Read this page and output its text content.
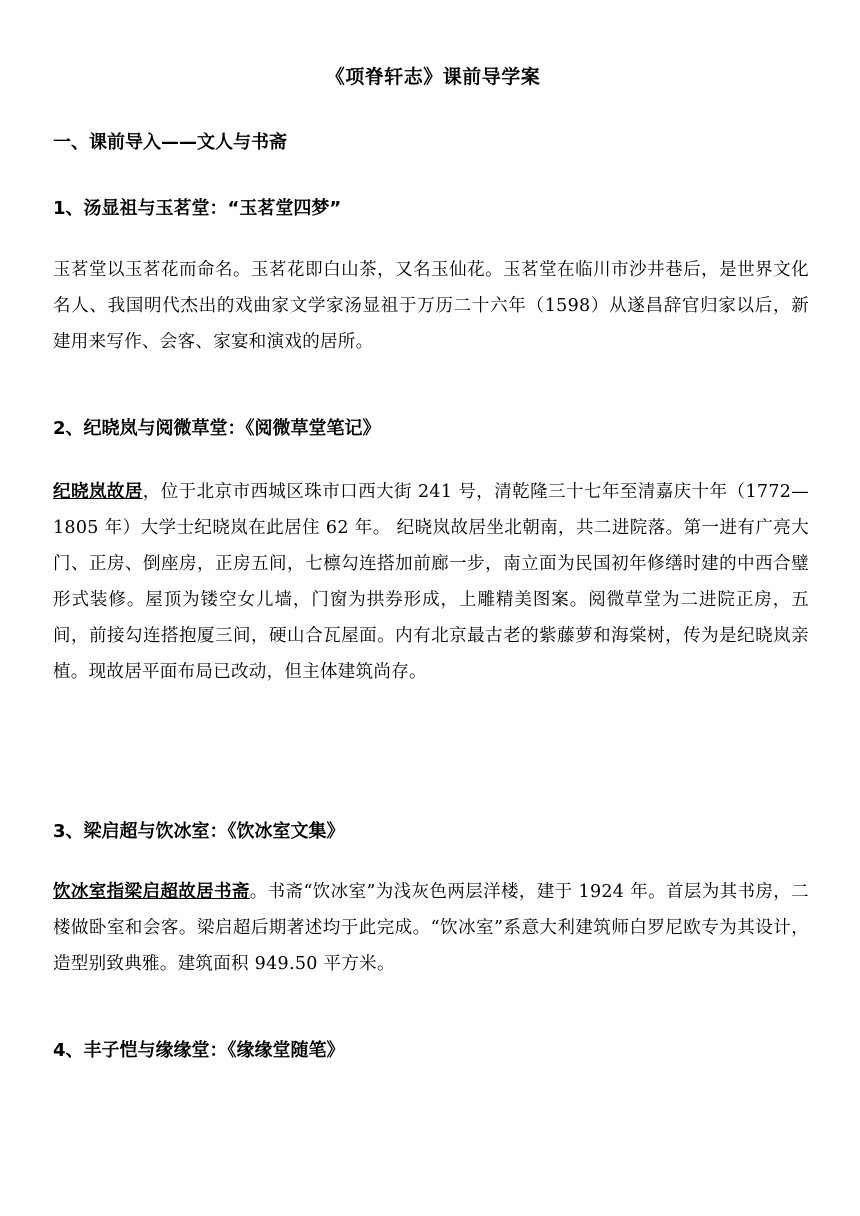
《项脊轩志》课前导学案
一、课前导入——文人与书斋
1、汤显祖与玉茗堂：“玉茗堂四梦”
玉茗堂以玉茗花而命名。玉茗花即白山茶，又名玉仙花。玉茗堂在临川市沙井巷后，是世界文化名人、我国明代杰出的戏曲家文学家汤显祖于万历二十六年（1598）从遂昌辞官归家以后，新建用来写作、会客、家宴和演戏的居所。
2、纪晓岚与阅微草堂：《阅微草堂笔记》
纪晓岚故居，位于北京市西城区珠市口西大街 241 号，清乾隆三十七年至清嘉庆十年（1772—1805 年）大学士纪晓岚在此居住 62 年。 纪晓岚故居坐北朝南，共二进院落。第一进有广亮大门、正房、倒座房，正房五间，七檩勾连搭加前廊一步，南立面为民国初年修缮时建的中西合璧形式装修。屋顶为镂空女儿墙，门窗为拱券形成，上雕精美图案。阅微草堂为二进院正房，五间，前接勾连搭抱厦三间，硬山合瓦屋面。内有北京最古老的紫藤萝和海棠树，传为是纪晓岚亲植。现故居平面布局已改动，但主体建筑尚存。
3、梁启超与饮冰室：《饮冰室文集》
饮冰室指梁启超故居书斋。书斋“饮冰室”为浅灰色两层洋楼，建于 1924 年。首层为其书房，二楼做卧室和会客。梁启超后期著述均于此完成。“饮冰室”系意大利建筑师白罗尼欧专为其设计，造型别致典雅。建筑面积 949.50 平方米。
4、丰子恺与缘缘堂：《缘缘堂随笔》
